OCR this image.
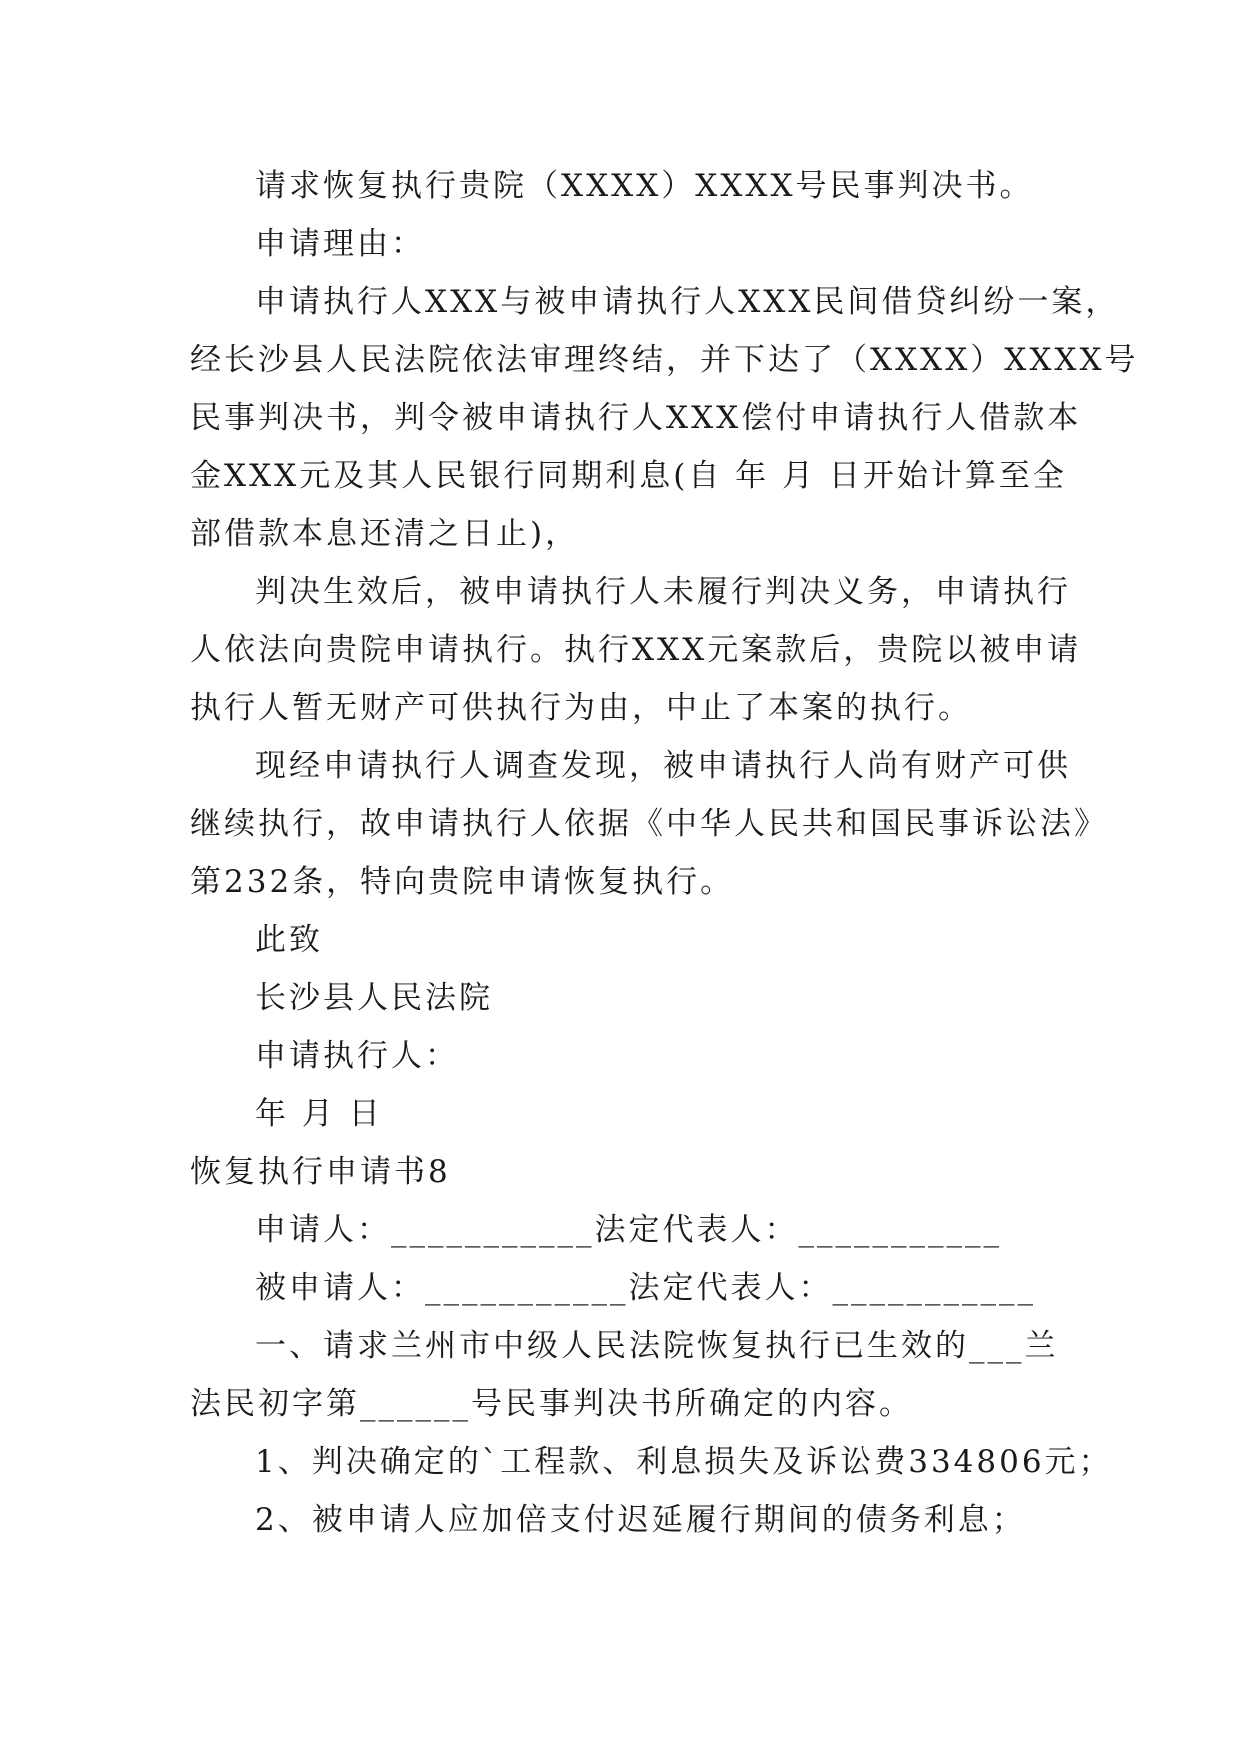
请求恢复执行贵院（XXXX）XXXX号民事判决书。
申请理由：
申请执行人XXX与被申请执行人XXX民间借贷纠纷一案，
经长沙县人民法院依法审理终结，并下达了（XXXX）XXXX号
民事判决书，判令被申请执行人XXX偿付申请执行人借款本
金XXX元及其人民银行同期利息(自 年 月 日开始计算至全
部借款本息还清之日止)，
判决生效后，被申请执行人未履行判决义务，申请执行
人依法向贵院申请执行。执行XXX元案款后，贵院以被申请
执行人暂无财产可供执行为由，中止了本案的执行。
现经申请执行人调查发现，被申请执行人尚有财产可供
继续执行，故申请执行人依据《中华人民共和国民事诉讼法》
第232条，特向贵院申请恢复执行。
此致
长沙县人民法院
申请执行人：
年 月 日
恢复执行申请书8
申请人：___________法定代表人：___________
被申请人：___________法定代表人：___________
一、请求兰州市中级人民法院恢复执行已生效的___兰
法民初字第______号民事判决书所确定的内容。
1、判决确定的`工程款、利息损失及诉讼费334806元；
2、被申请人应加倍支付迟延履行期间的债务利息；
